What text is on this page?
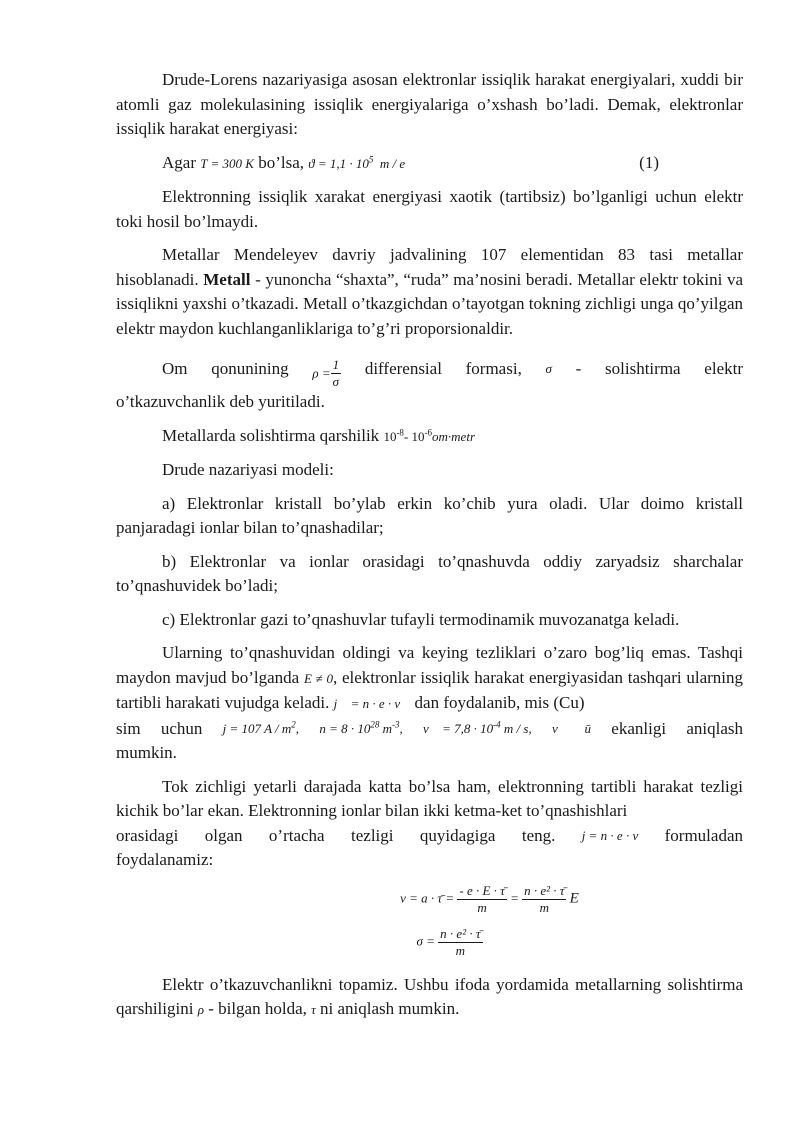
Drude-Lorens nazariyasiga asosan elektronlar issiqlik harakat energiyalari, xuddi bir atomli gaz molekulasining issiqlik energiyalariga o’xshash bo’ladi. Demak, elektronlar issiqlik harakat energiyasi:

Agar T = 300 K bo’lsa, $ϑ = 1,1 \cdot 10^5$ m / e	(1)

Elektronning issiqlik xarakat energiyasi xaotik (tartibsiz) bo’lganligi uchun elektr toki hosil bo’lmaydi.

Metallar Mendeleyev davriy jadvalining 107 elementidan 83 tasi metallar hisoblanadi. Metall - yunoncha “shaxta”, “ruda” ma’nosini beradi. Metallar elektr tokini va issiqlikni yaxshi o’tkazadi. Metall o’tkazgichdan o’tayotgan tokning zichligi unga qo’yilgan elektr maydon kuchlanganliklariga to’g’ri proporsionaldir.

Om qonunining $\rho = \frac{1}{\sigma}$ differensial formasi, σ - solishtirma elektr
o’tkazuvchanlik deb yuritiladi.

Metallarda solishtirma qarshilik $10^{-8}-$ $10^{-6}om\cdot metr$

Drude nazariyasi modeli:

a) Elektronlar kristall bo’ylab erkin ko’chib yura oladi. Ular doimo kristall panjaradagi ionlar bilan to’qnashadilar;

b) Elektronlar va ionlar orasidagi to’qnashuvda oddiy zaryadsiz sharchalar to’qnashuvidek bo’ladi;

c) Elektronlar gazi to’qnashuvlar tufayli termodinamik muvozanatga keladi.

Ularning to’qnashuvidan oldingi va keying tezliklari o’zaro bog’liq emas. Tashqi maydon mavjud bo’lganda E ≠ 0, elektronlar issiqlik harakat energiyasidan tashqari ularning tartibli harakati vujudga keladi. j⃗ = n · e · v⃗ dan foydalanib, mis (Cu)

sim uchun j = 107 A / $m^2$, $n = 8 \cdot 10^{28}$ $m^{-3}$, v⃗ = $7,8 \cdot 10^{-4}$ m / s, v⃗ ≪ ū ekanligi aniqlash
mumkin.

Tok zichligi yetarli darajada katta bo’lsa ham, elektronning tartibli harakat tezligi kichik bo’lar ekan. Elektronning ionlar bilan ikki ketma-ket to’qnashishlari

orasidagi olgan o’rtacha tezligi quyidagiga teng. j = n · e · v formuladan
foydalanamiz:
v = a · τ̄ = $\frac{- e \cdot E \cdot \taū}{m} = \frac{\text{n · e² · τ̄}}{m}$ E
$\sigma = \frac{\text{n · e² · τ̄}}{m}$

Elektr o’tkazuvchanlikni topamiz. Ushbu ifoda yordamida metallarning solishtirma qarshiligini ρ - bilgan holda, τ ni aniqlash mumkin.
